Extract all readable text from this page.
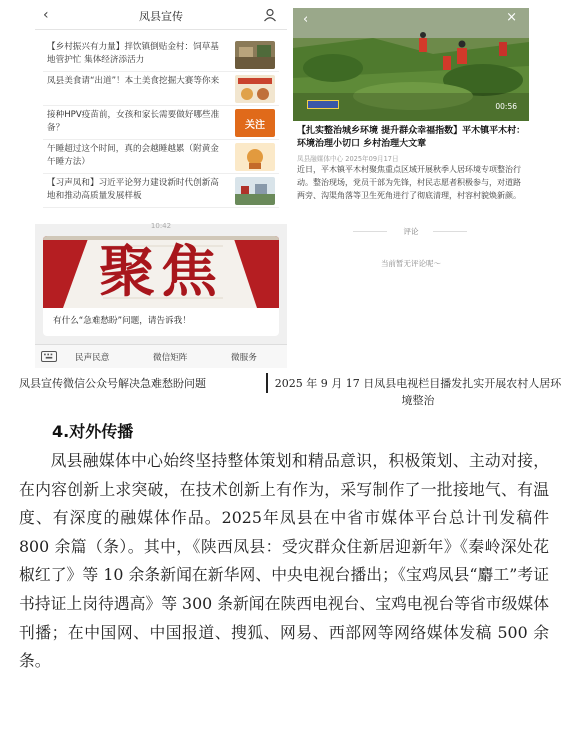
【乡村振兴有力量】拌饮镇倒贴金村：饲草基地管护忙 集体经济添活力
凤县美食请“出道”！本土美食挖掘大赛等你来
接种HPV疫苗前，女孩和家长需要做好哪些准备？	关注
午睡超过这个时间，真的会越睡越累（附黄金午睡方法）
【习声凤和】习近平论努力建设新时代创新高地和推动高质量发展样板
‹	凤县宣传
10:42
聚焦
有什么“急难愁盼”问题，请告诉我！
民声民意	微信矩阵	微服务
‹	×
00:56
【扎实整治城乡环境 提升群众幸福指数】平木镇平木村：环境治理小切口 乡村治理大文章
凤县融媒体中心 2025年09月17日
近日，平木镇平木村聚焦重点区域开展秋季人居环境专项整治行动。整治现场，党员干部为先锋，村民志愿者积极参与，对道路两旁、沟渠角落等卫生死角进行了彻底清理，村容村貌焕新颜。
评论
当前暂无评论呢～
凤县宣传微信公众号解决急难愁盼问题	2025 年 9 月 17 日凤县电视栏目播发扎实开展农村人居环境整治
4.对外传播

凤县融媒体中心始终坚持整体策划和精品意识，积极策划、主动对接，在内容创新上求突破，在技术创新上有作为，采写制作了一批接地气、有温度、有深度的融媒体作品。2025年凤县在中省市媒体平台总计刊发稿件 800 余篇（条）。其中，《陕西凤县：受灾群众住新居迎新年》《秦岭深处花椒红了》等 10 余条新闻在新华网、中央电视台播出；《宝鸡凤县“麝工”考证书持证上岗待遇高》等 300 条新闻在陕西电视台、宝鸡电视台等省市级媒体刊播；在中国网、中国报道、搜狐、网易、西部网等网络媒体发稿 500 余条。
